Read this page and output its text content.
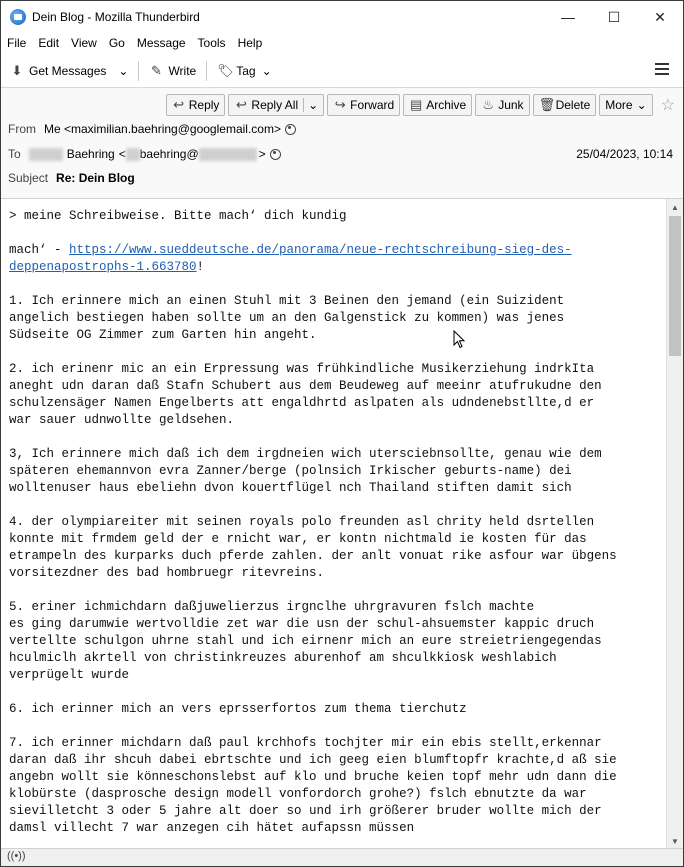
Dein Blog - Mozilla Thunderbird	—	☐	✕
File	Edit	View	Go	Message	Tools	Help
⬇ Get Messages ⌄ ✎ Write 🏷 Tag ⌄
↩ Reply ↩ Reply All ⌄ ↪ Forward ▤ Archive ♨ Junk 🗑 Delete More ⌄ ☆
From Me <maximilian.baehring@googlemail.com>
To	Baehring < baehring@	>	25/04/2023, 10:14
Subject Re: Dein Blog
> meine Schreibweise. Bitte mach‘ dich kundig

mach‘ - https://www.sueddeutsche.de/panorama/neue-rechtschreibung-sieg-des-
deppenapostrophs-1.663780!

1. Ich erinnere mich an einen Stuhl mit 3 Beinen den jemand (ein Suizident
angelich bestiegen haben sollte um an den Galgenstick zu kommen) was jenes
Südseite OG Zimmer zum Garten hin angeht.

2. ich erinenr mic an ein Erpressung was frühkindliche Musikerziehung indrkIta
aneght udn daran daß Stafn Schubert aus dem Beudeweg auf meeinr atufrukudne den
schulzensäger Namen Engelberts att engaldhrtd aslpaten als udndenebstllte,d er
war sauer udnwollte geldsehen.

3, Ich erinnere mich daß ich dem irgdneien wich utersciebnsollte, genau wie dem
späteren ehemannvon evra Zanner/berge (polnsich Irkischer geburts-name) dei
wolltenuser haus ebeliehn dvon kouertflügel nch Thailand stiften damit sich

4. der olympiareiter mit seinen royals polo freunden asl chrity held dsrtellen
konnte mit frmdem geld der e rnicht war, er kontn nichtmald ie kosten für das
etrampeln des kurparks duch pferde zahlen. der anlt vonuat rike asfour war übgens
vorsitezdner des bad hombruegr ritevreins.

5. eriner ichmichdarn daßjuwelierzus irgnclhe uhrgravuren fslch machte
es ging darumwie wertvolldie zet war die usn der schul-ahsuemster kappic druch
vertellte schulgon uhrne stahl und ich eirnenr mich an eure streietriengegendas
hculmiclh akrtell von christinkreuzes aburenhof am shculkkiosk weshlabich
verprügelt wurde

6. ich erinner mich an vers eprsserfortos zum thema tierchutz

7. ich erinner michdarn daß paul krchhofs tochjter mir ein ebis stellt,erkennar
daran daß ihr shcuh dabei ebrtschte und ich geeg eien blumftopfr krachte,d aß sie
angebn wollt sie könneschonslebst auf klo und bruche keien topf mehr udn dann die
klobürste (dasprosche design modell vonfordorch grohe?) fslch ebnutzte da war
sievilletcht 3 oder 5 jahre alt doer so und irh größerer bruder wollte mich der
damsl villecht 7 war anzegen cih hätet aufapssn müssen
▲
▼
((•))
